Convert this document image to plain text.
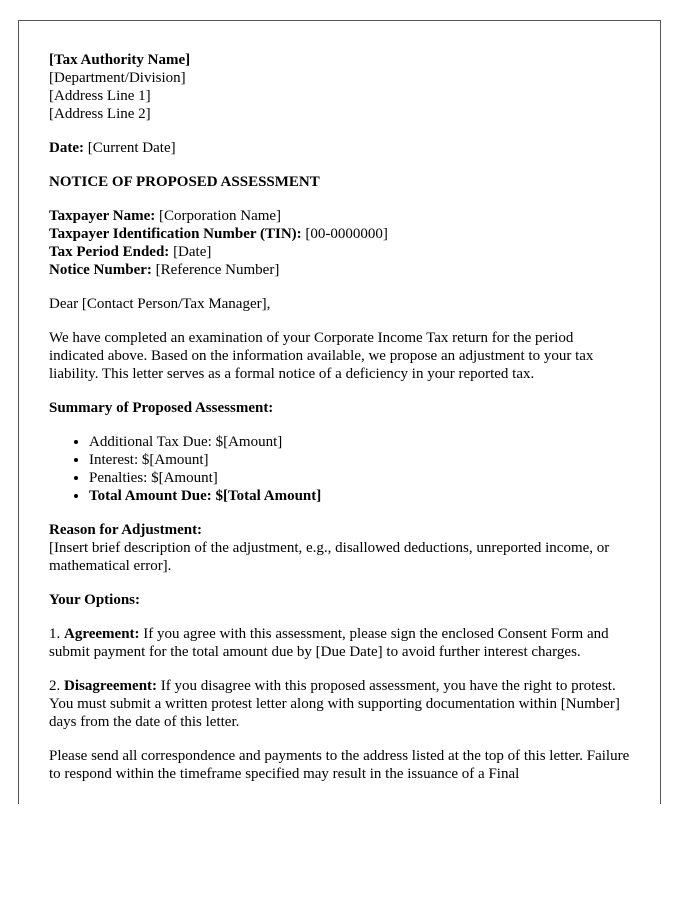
[Tax Authority Name]
[Department/Division]
[Address Line 1]
[Address Line 2]
Date: [Current Date]
NOTICE OF PROPOSED ASSESSMENT
Taxpayer Name: [Corporation Name]
Taxpayer Identification Number (TIN): [00-0000000]
Tax Period Ended: [Date]
Notice Number: [Reference Number]

Dear [Contact Person/Tax Manager],

We have completed an examination of your Corporate Income Tax return for the period indicated above. Based on the information available, we propose an adjustment to your tax liability. This letter serves as a formal notice of a deficiency in your reported tax.

Summary of Proposed Assessment:
• Additional Tax Due: $[Amount]
• Interest: $[Amount]
• Penalties: $[Amount]
• Total Amount Due: $[Total Amount]
Reason for Adjustment:
[Insert brief description of the adjustment, e.g., disallowed deductions, unreported income, or mathematical error].
Your Options:

1. Agreement: If you agree with this assessment, please sign the enclosed Consent Form and submit payment for the total amount due by [Due Date] to avoid further interest charges.

2. Disagreement: If you disagree with this proposed assessment, you have the right to protest. You must submit a written protest letter along with supporting documentation within [Number] days from the date of this letter.

Please send all correspondence and payments to the address listed at the top of this letter. Failure to respond within the timeframe specified may result in the issuance of a Final
